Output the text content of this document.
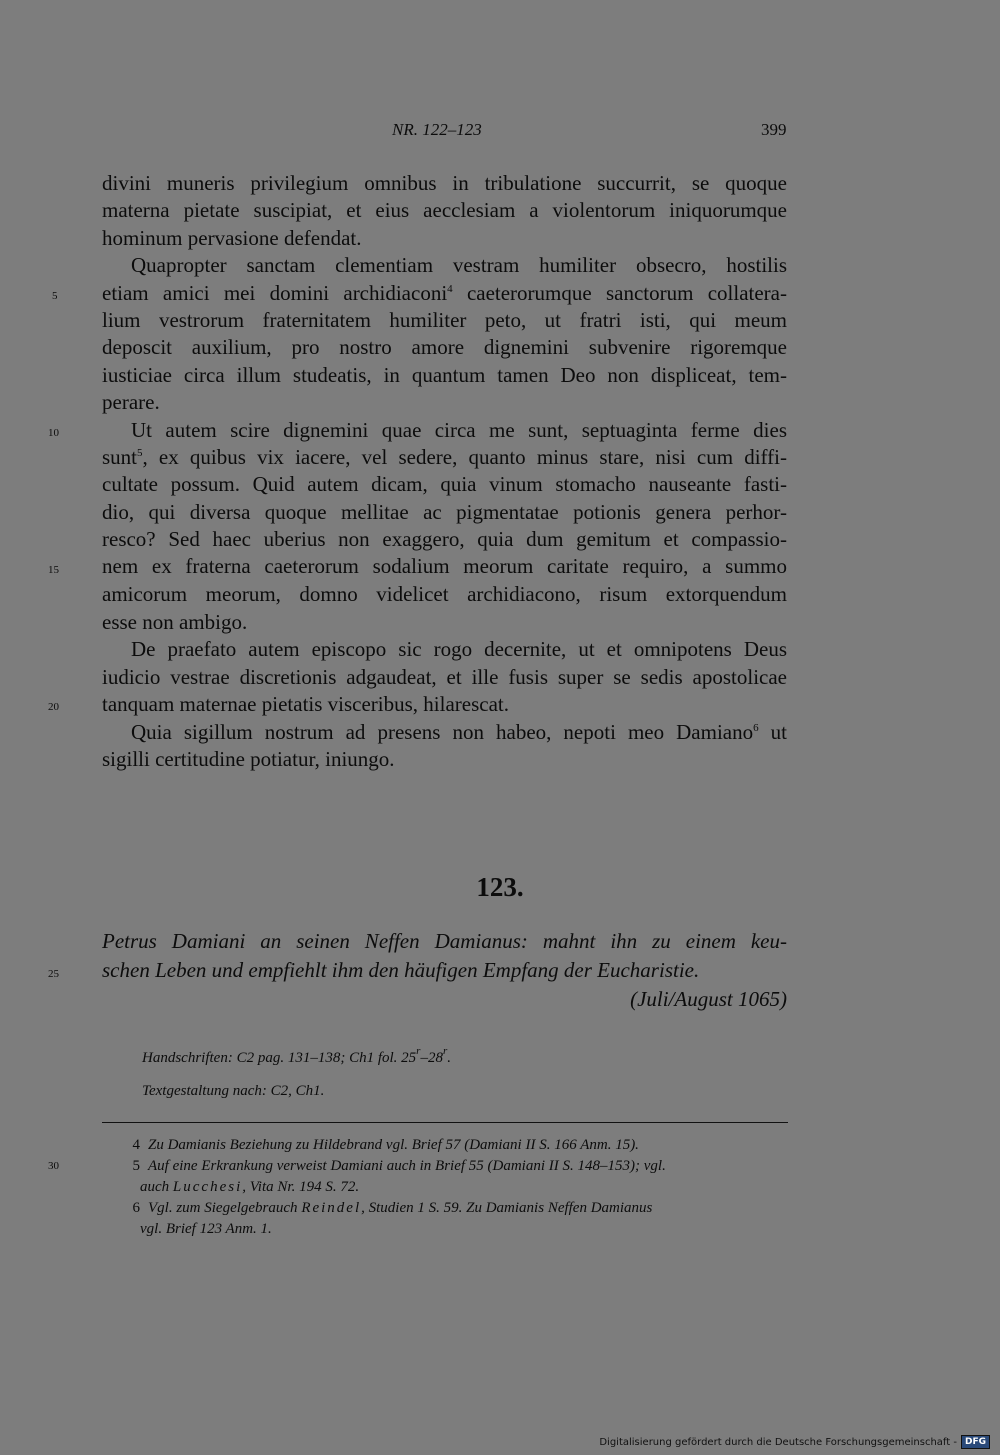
NR. 122–123	399
divini muneris privilegium omnibus in tribulatione succurrit, se quoque
materna pietate suscipiat, et eius aecclesiam a violentorum iniquorumque
hominum pervasione defendat.
Quapropter sanctam clementiam vestram humiliter obsecro, hostilis
etiam amici mei domini archidiaconi$^4$ caeterorumque sanctorum collatera-
lium vestrorum fraternitatem humiliter peto, ut fratri isti, qui meum
deposcit auxilium, pro nostro amore dignemini subvenire rigoremque
iusticiae circa illum studeatis, in quantum tamen Deo non displiceat, tem-
perare.
Ut autem scire dignemini quae circa me sunt, septuaginta ferme dies
sunt$^5$, ex quibus vix iacere, vel sedere, quanto minus stare, nisi cum diffi-
cultate possum. Quid autem dicam, quia vinum stomacho nauseante fasti-
dio, qui diversa quoque mellitae ac pigmentatae potionis genera perhor-
resco? Sed haec uberius non exaggero, quia dum gemitum et compassio-
nem ex fraterna caeterorum sodalium meorum caritate requiro, a summo
amicorum meorum, domno videlicet archidiacono, risum extorquendum
esse non ambigo.
De praefato autem episcopo sic rogo decernite, ut et omnipotens Deus
iudicio vestrae discretionis adgaudeat, et ille fusis super se sedis apostolicae
tanquam maternae pietatis visceribus, hilarescat.
Quia sigillum nostrum ad presens non habeo, nepoti meo Damiano$^6$ ut
sigilli certitudine potiatur, iniungo.
5
10
15
20
123.
Petrus Damiani an seinen Neffen Damianus: mahnt ihn zu einem keu-
schen Leben und empfiehlt ihm den häufigen Empfang der Eucharistie.
(Juli/August 1065)
25
Handschriften: C2 pag. 131–138; Ch1 fol. 25$^r$–28$^r$.
Textgestaltung nach: C2, Ch1.
4 Zu Damianis Beziehung zu Hildebrand vgl. Brief 57 (Damiani II S. 166 Anm. 15).
5 Auf eine Erkrankung verweist Damiani auch in Brief 55 (Damiani II S. 148–153); vgl.
auch Lucchesi, Vita Nr. 194 S. 72.
6 Vgl. zum Siegelgebrauch Reindel, Studien 1 S. 59. Zu Damianis Neffen Damianus
vgl. Brief 123 Anm. 1.
30
Digitalisierung gefördert durch die Deutsche Forschungsgemeinschaft - DFG
